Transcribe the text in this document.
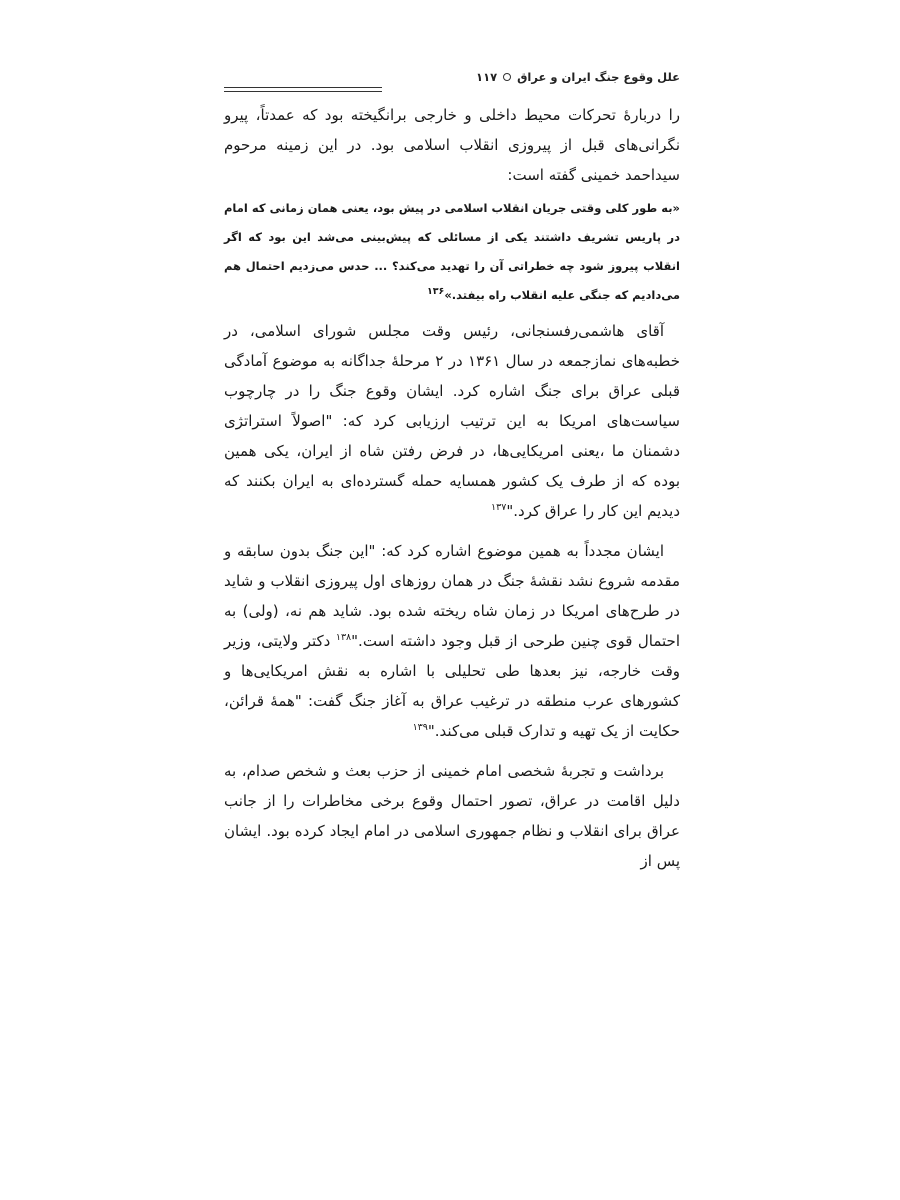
علل وقوع جنگ ایران و عراق
۱۱۷

را دربارهٔ تحرکات محیط داخلی و خارجی برانگیخته بود که عمدتاً، پیرو نگرانی‌های قبل از پیروزی انقلاب اسلامی بود. در این زمینه مرحوم سیداحمد خمینی گفته است:

«به طور کلی وقتی جریان انقلاب اسلامی در پیش بود، یعنی همان زمانی که امام در پاریس تشریف داشتند یکی از مسائلی که پیش‌بینی می‌شد این بود که اگر انقلاب پیروز شود چه خطراتی آن را تهدید می‌کند؟ ... حدس می‌زدیم احتمال هم می‌دادیم که جنگی علیه انقلاب راه بیفتد.»$^{۱۳۶}$

آقای هاشمی‌رفسنجانی، رئیس وقت مجلس شورای اسلامی، در خطبه‌های نمازجمعه در سال ۱۳۶۱ در ۲ مرحلهٔ جداگانه به موضوع آمادگی قبلی عراق برای جنگ اشاره کرد. ایشان وقوع جنگ را در چارچوب سیاست‌های امریکا به این ترتیب ارزیابی کرد که: "اصولاً استراتژی دشمنان ما ،یعنی امریکایی‌ها، در فرض رفتن شاه از ایران، یکی همین بوده که از طرف یک کشور همسایه حمله گسترده‌ای به ایران بکنند که دیدیم این کار را عراق کرد."$^{۱۳۷}$

ایشان مجدداً به همین موضوع اشاره کرد که: "این جنگ بدون سابقه و مقدمه شروع نشد نقشهٔ جنگ در همان روزهای اول پیروزی انقلاب و شاید در طرح‌های امریکا در زمان شاه ریخته شده بود. شاید هم نه، (ولی) به احتمال قوی چنین طرحی از قبل وجود داشته است."$^{۱۳۸}$ دکتر ولایتی، وزیر وقت خارجه، نیز بعدها طی تحلیلی با اشاره به نقش امریکایی‌ها و کشورهای عرب منطقه در ترغیب عراق به آغاز جنگ گفت: "همهٔ قرائن، حکایت از یک تهیه و تدارک قبلی می‌کند."$^{۱۳۹}$

برداشت و تجربهٔ شخصی امام خمینی از حزب بعث و شخص صدام، به دلیل اقامت در عراق، تصور احتمال وقوع برخی مخاطرات را از جانب عراق برای انقلاب و نظام جمهوری اسلامی در امام ایجاد کرده بود. ایشان پس از
